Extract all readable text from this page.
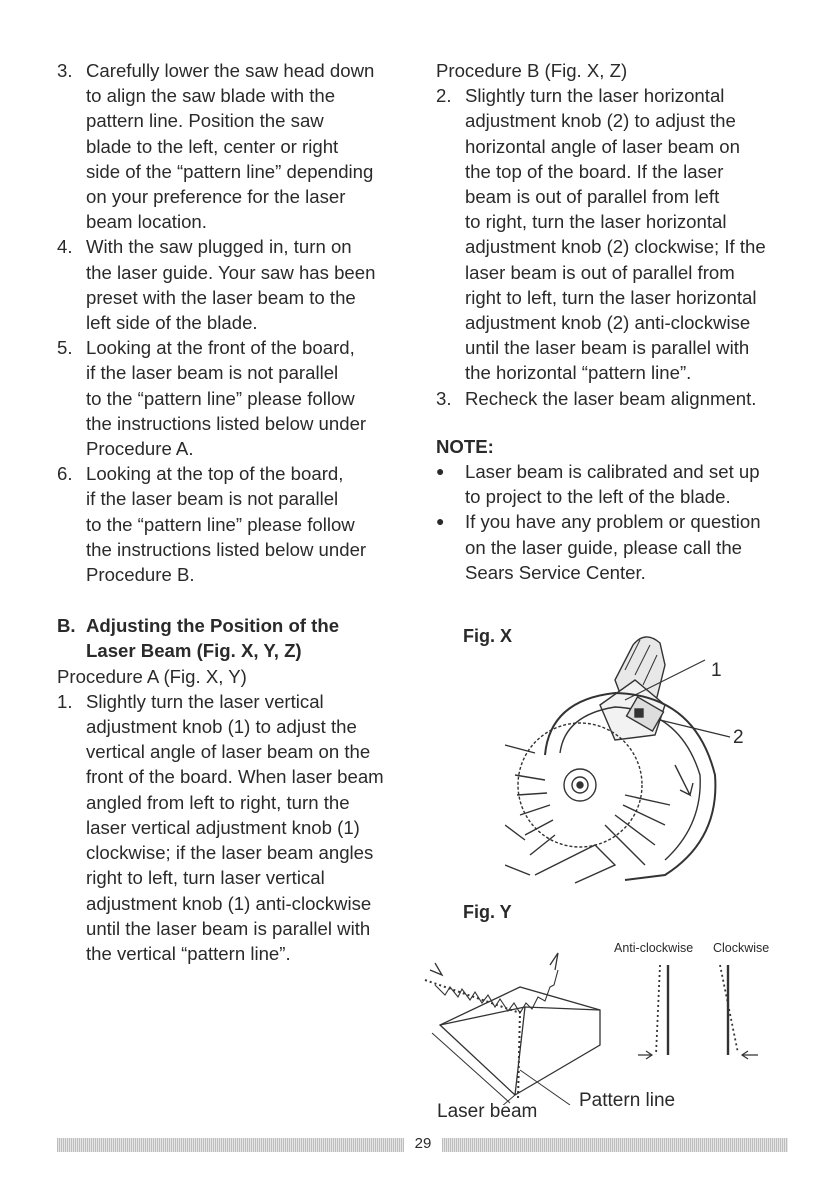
3. Carefully lower the saw head down
to align the saw blade with the
pattern line. Position the saw
blade to the left, center or right
side of the “pattern line” depending
on your preference for the laser
beam location.
4. With the saw plugged in, turn on
the laser guide. Your saw has been
preset with the laser beam to the
left side of the blade.
5. Looking at the front of the board,
if the laser beam is not parallel
to the “pattern line” please follow
the instructions listed below under
Procedure A.
6. Looking at the top of the board,
if the laser beam is not parallel
to the “pattern line” please follow
the instructions listed below under
Procedure B.
B. Adjusting the Position of the
Laser Beam (Fig. X, Y, Z)
Procedure A (Fig. X, Y)
1. Slightly turn the laser vertical
adjustment knob (1) to adjust the
vertical angle of laser beam on the
front of the board. When laser beam
angled from left to right, turn the
laser vertical adjustment knob (1)
clockwise; if the laser beam angles
right to left, turn laser vertical
adjustment knob (1) anti-clockwise
until the laser beam is parallel with
the vertical “pattern line”.
Procedure B (Fig. X, Z)
2. Slightly turn the laser horizontal
adjustment knob (2) to adjust the
horizontal angle of laser beam on
the top of the board. If the laser
beam is out of parallel from left
to right, turn the laser horizontal
adjustment knob (2) clockwise; If the
laser beam is out of parallel from
right to left, turn the laser horizontal
adjustment knob (2) anti-clockwise
until the laser beam is parallel with
the horizontal “pattern line”.
3. Recheck the laser beam alignment.
NOTE:
● Laser beam is calibrated and set up
to project to the left of the blade.
● If you have any problem or question
on the laser guide, please call the
Sears Service Center.
Fig. X
1
2
Fig. Y
Anti-clockwise Clockwise
Laser beam
Pattern line
29
